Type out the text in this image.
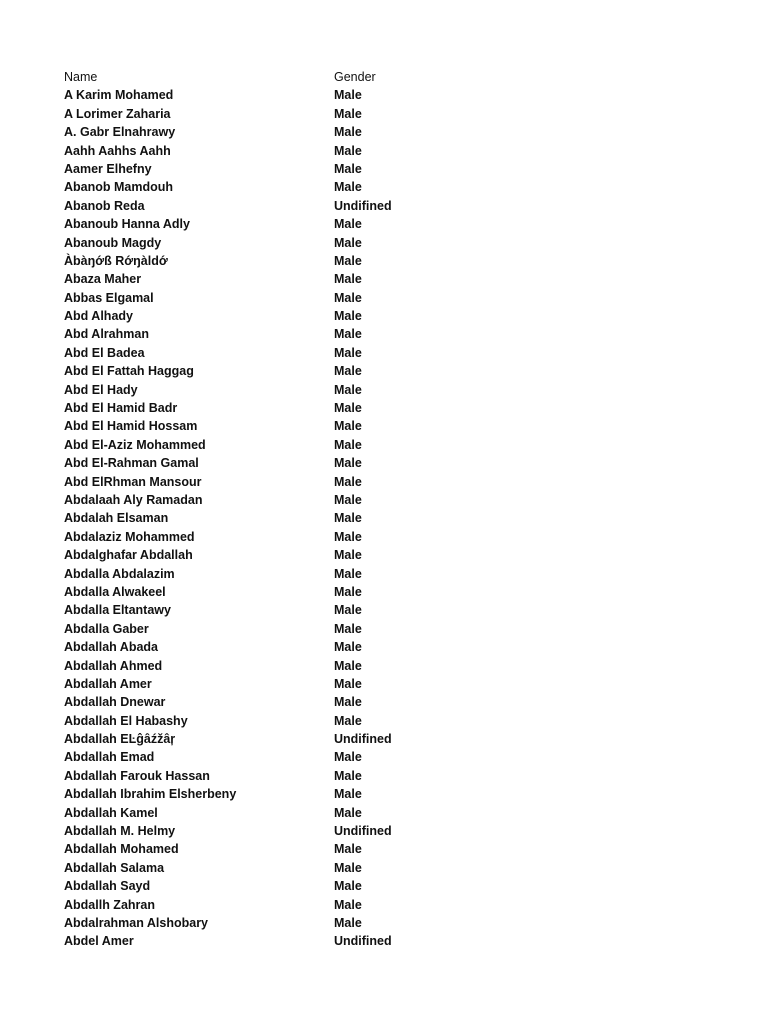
Name	Gender
A Karim Mohamed	Male
A Lorimer Zaharia	Male
A. Gabr Elnahrawy	Male
Aahh Aahhs Aahh	Male
Aamer Elhefny	Male
Abanob Mamdouh	Male
Abanob Reda	Undifined
Abanoub Hanna Adly	Male
Abanoub Magdy	Male
Àbàŋớß Rớŋàldớ	Male
Abaza Maher	Male
Abbas Elgamal	Male
Abd Alhady	Male
Abd Alrahman	Male
Abd El Badea	Male
Abd El Fattah Haggag	Male
Abd El Hady	Male
Abd El Hamid Badr	Male
Abd El Hamid Hossam	Male
Abd El-Aziz Mohammed	Male
Abd El-Rahman Gamal	Male
Abd ElRhman Mansour	Male
Abdalaah Aly Ramadan	Male
Abdalah Elsaman	Male
Abdalaziz Mohammed	Male
Abdalghafar Abdallah	Male
Abdalla Abdalazim	Male
Abdalla Alwakeel	Male
Abdalla Eltantawy	Male
Abdalla Gaber	Male
Abdallah Abada	Male
Abdallah Ahmed	Male
Abdallah Amer	Male
Abdallah Dnewar	Male
Abdallah El Habashy	Male
Abdallah EĿĝâźžâŗ	Undifined
Abdallah Emad	Male
Abdallah Farouk Hassan	Male
Abdallah Ibrahim Elsherbeny	Male
Abdallah Kamel	Male
Abdallah M. Helmy	Undifined
Abdallah Mohamed	Male
Abdallah Salama	Male
Abdallah Sayd	Male
Abdallh Zahran	Male
Abdalrahman Alshobary	Male
Abdel Amer	Undifined
